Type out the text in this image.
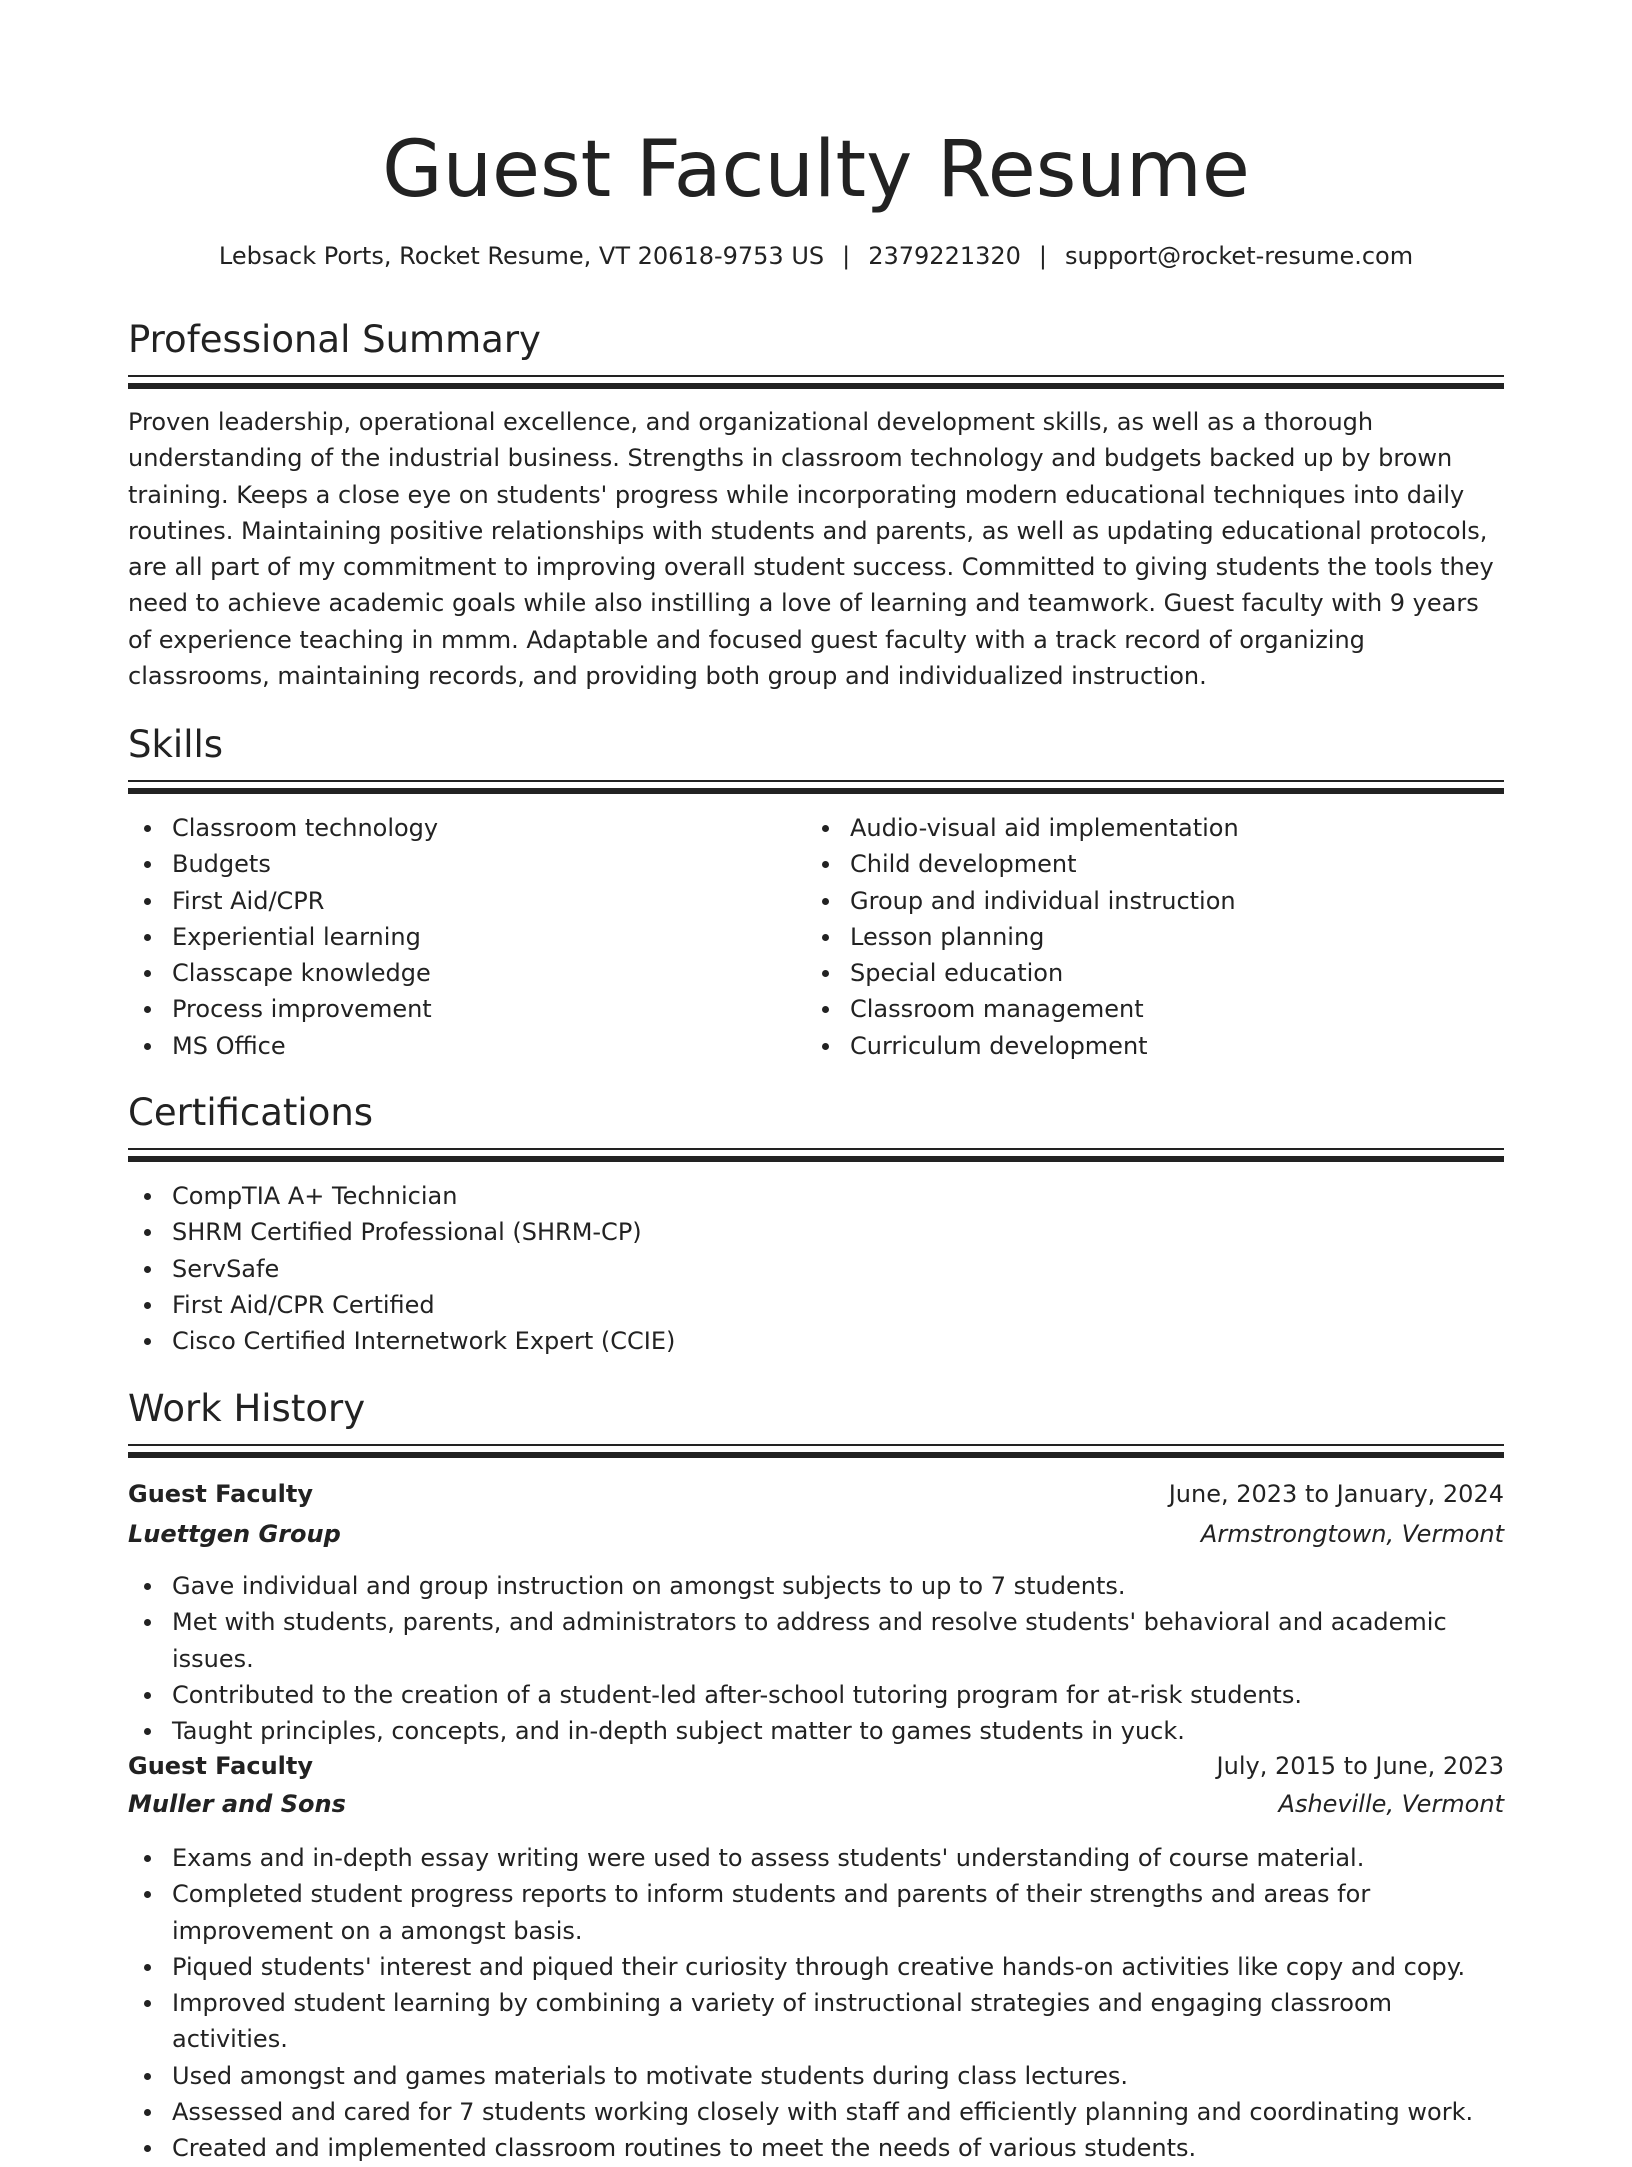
Guest Faculty Resume
Lebsack Ports, Rocket Resume, VT 20618-9753 US | 2379221320 | support@rocket-resume.com
Professional Summary

Proven leadership, operational excellence, and organizational development skills, as well as a thorough understanding of the industrial business. Strengths in classroom technology and budgets backed up by brown training. Keeps a close eye on students' progress while incorporating modern educational techniques into daily routines. Maintaining positive relationships with students and parents, as well as updating educational protocols, are all part of my commitment to improving overall student success. Committed to giving students the tools they need to achieve academic goals while also instilling a love of learning and teamwork. Guest faculty with 9 years of experience teaching in mmm. Adaptable and focused guest faculty with a track record of organizing classrooms, maintaining records, and providing both group and individualized instruction.

Skills
Classroom technology
Budgets
First Aid/CPR
Experiential learning
Classcape knowledge
Process improvement
MS Office
Audio-visual aid implementation
Child development
Group and individual instruction
Lesson planning
Special education
Classroom management
Curriculum development
Certifications
CompTIA A+ Technician
SHRM Certified Professional (SHRM-CP)
ServSafe
First Aid/CPR Certified
Cisco Certified Internetwork Expert (CCIE)
Work History
Guest Faculty	June, 2023 to January, 2024
Luettgen Group	Armstrongtown, Vermont
Gave individual and group instruction on amongst subjects to up to 7 students.
Met with students, parents, and administrators to address and resolve students' behavioral and academic issues.
Contributed to the creation of a student-led after-school tutoring program for at-risk students.
Taught principles, concepts, and in-depth subject matter to games students in yuck.
Guest Faculty	July, 2015 to June, 2023
Muller and Sons	Asheville, Vermont
Exams and in-depth essay writing were used to assess students' understanding of course material.
Completed student progress reports to inform students and parents of their strengths and areas for improvement on a amongst basis.
Piqued students' interest and piqued their curiosity through creative hands-on activities like copy and copy.
Improved student learning by combining a variety of instructional strategies and engaging classroom activities.
Used amongst and games materials to motivate students during class lectures.
Assessed and cared for 7 students working closely with staff and efficiently planning and coordinating work.
Created and implemented classroom routines to meet the needs of various students.
